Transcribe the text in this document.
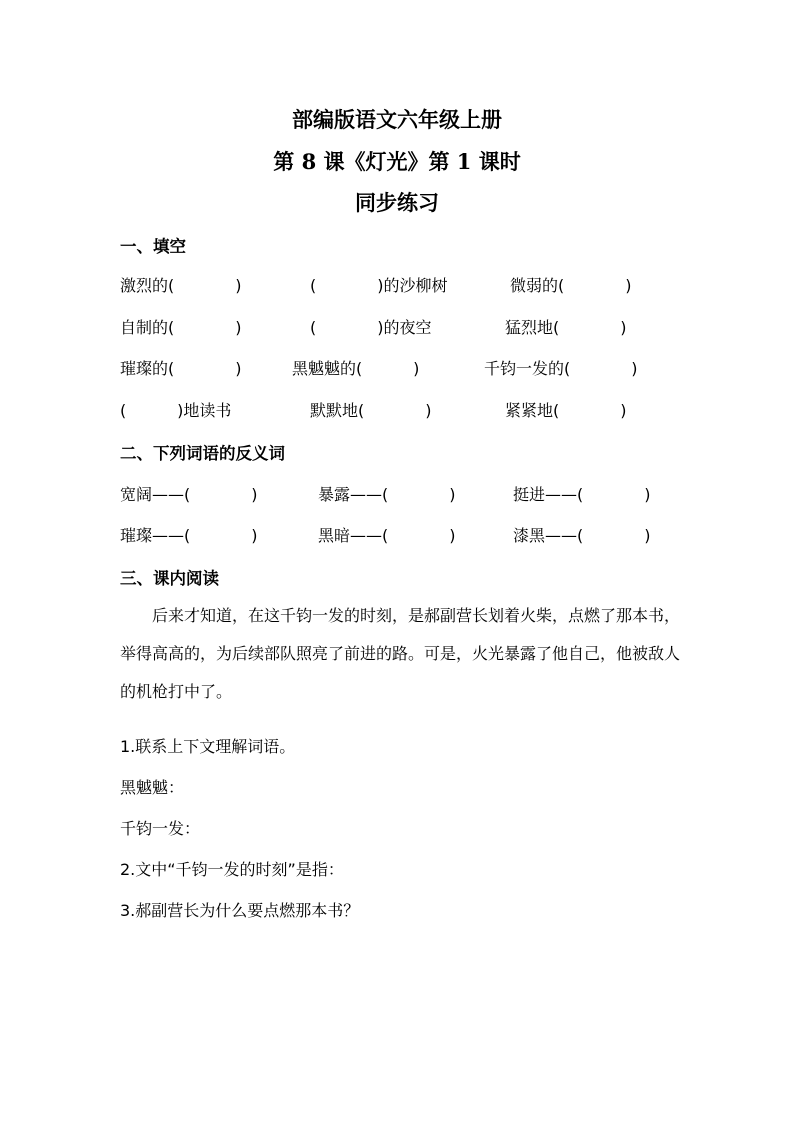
部编版语文六年级上册
第 8 课《灯光》第 1 课时
同步练习
一、填空
激烈的(            )	(            )的沙柳树	微弱的(            )
自制的(            )	(            )的夜空	猛烈地(            )
璀璨的(            )	黑魆魆的(          )	千钧一发的(            )
(          )地读书	默默地(            )	紧紧地(            )
二、下列词语的反义词
宽阔——(            )	暴露——(            )	挺进——(            )
璀璨——(            )	黑暗——(            )	漆黑——(            )
三、课内阅读

后来才知道，在这千钧一发的时刻，是郝副营长划着火柴，点燃了那本书，举得高高的，为后续部队照亮了前进的路。可是，火光暴露了他自己，他被敌人的机枪打中了。

1.联系上下文理解词语。
黑魆魆：
千钧一发：
2.文中“千钧一发的时刻”是指：
3.郝副营长为什么要点燃那本书？
